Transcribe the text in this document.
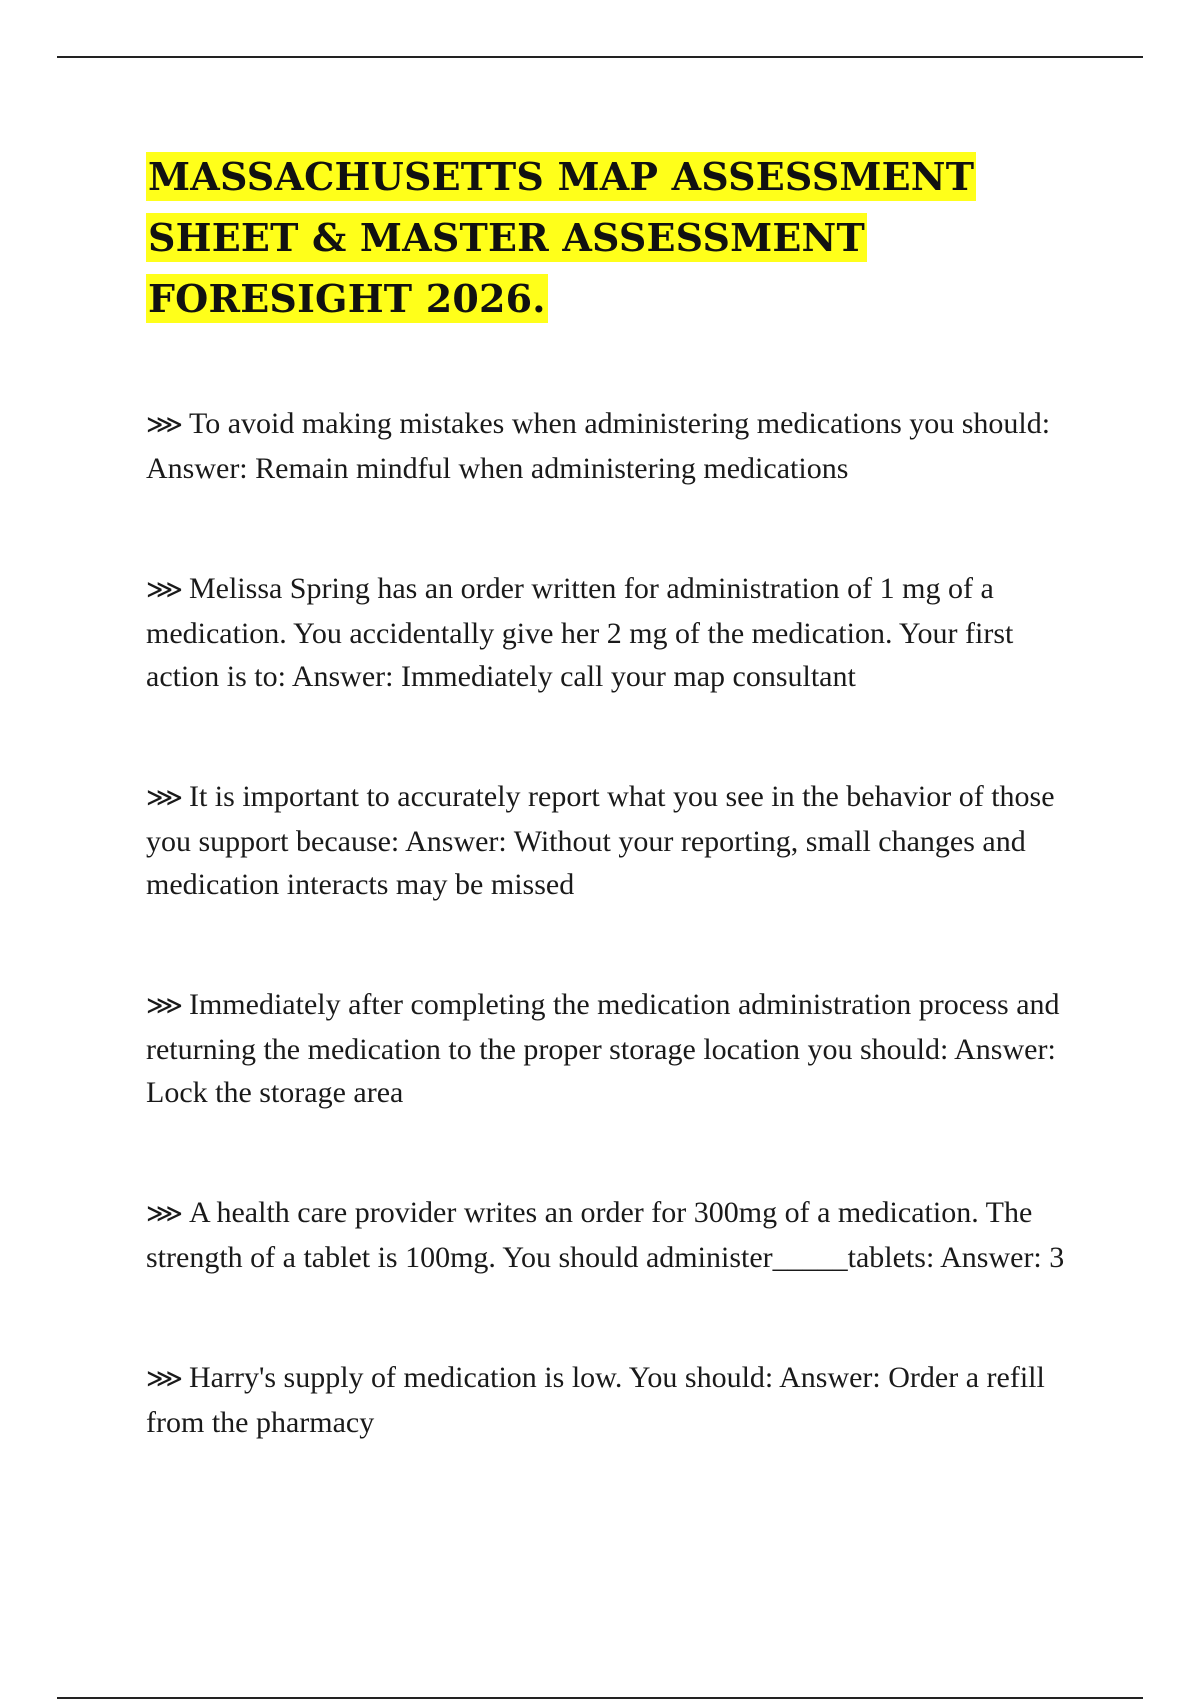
MASSACHUSETTS MAP ASSESSMENT SHEET & MASTER ASSESSMENT FORESIGHT 2026.

⋙ To avoid making mistakes when administering medications you should: Answer: Remain mindful when administering medications

⋙ Melissa Spring has an order written for administration of 1 mg of a medication. You accidentally give her 2 mg of the medication. Your first action is to: Answer: Immediately call your map consultant

⋙ It is important to accurately report what you see in the behavior of those you support because: Answer: Without your reporting, small changes and medication interacts may be missed

⋙ Immediately after completing the medication administration process and returning the medication to the proper storage location you should: Answer: Lock the storage area

⋙ A health care provider writes an order for 300mg of a medication. The strength of a tablet is 100mg. You should administer_____tablets: Answer: 3

⋙ Harry's supply of medication is low. You should: Answer: Order a refill from the pharmacy
